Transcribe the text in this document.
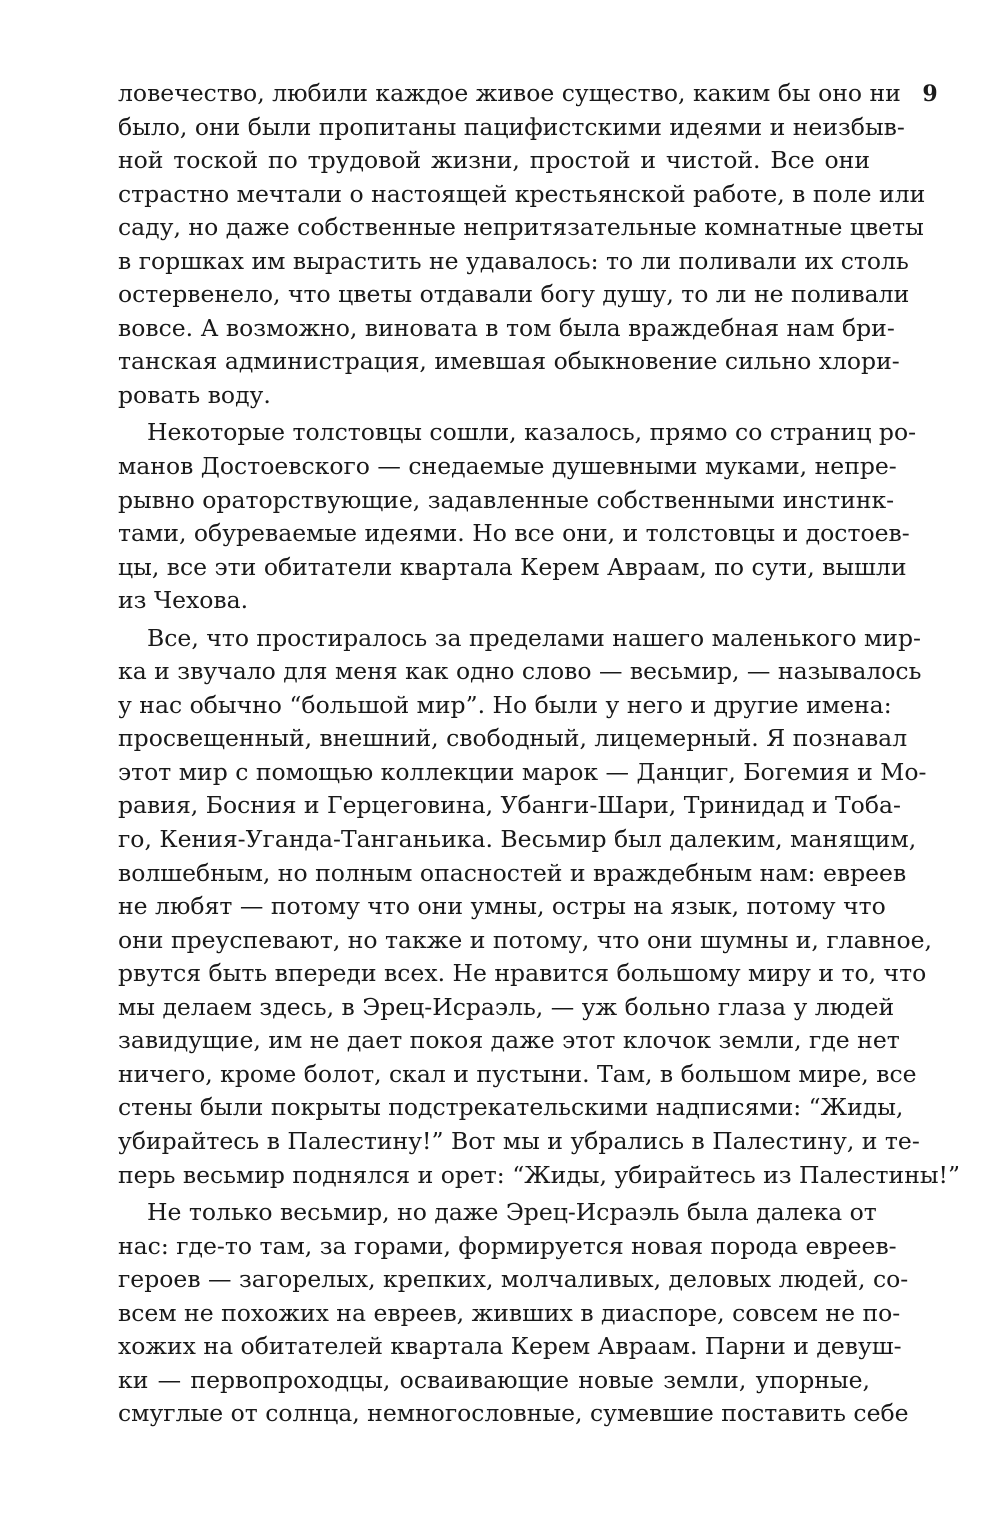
9
ловечество, любили каждое живое существо, каким бы оно ни
было, они были пропитаны пацифистскими идеями и неизбыв-
ной тоской по трудовой жизни, простой и чистой. Все они
страстно мечтали о настоящей крестьянской работе, в поле или
саду, но даже собственные непритязательные комнатные цветы
в горшках им вырастить не удавалось: то ли поливали их столь
остервенело, что цветы отдавали богу душу, то ли не поливали
вовсе. А возможно, виновата в том была враждебная нам бри-
танская администрация, имевшая обыкновение сильно хлори-
ровать воду.
Некоторые толстовцы сошли, казалось, прямо со страниц ро-
манов Достоевского — снедаемые душевными муками, непре-
рывно ораторствующие, задавленные собственными инстинк-
тами, обуреваемые идеями. Но все они, и толстовцы и достоев-
цы, все эти обитатели квартала Керем Авраам, по сути, вышли
из Чехова.
Все, что простиралось за пределами нашего маленького мир-
ка и звучало для меня как одно слово — весьмир, — называлось
у нас обычно “большой мир”. Но были у него и другие имена:
просвещенный, внешний, свободный, лицемерный. Я познавал
этот мир с помощью коллекции марок — Данциг, Богемия и Мо-
равия, Босния и Герцеговина, Убанги-Шари, Тринидад и Тоба-
го, Кения-Уганда-Танганьика. Весьмир был далеким, манящим,
волшебным, но полным опасностей и враждебным нам: евреев
не любят — потому что они умны, остры на язык, потому что
они преуспевают, но также и потому, что они шумны и, главное,
рвутся быть впереди всех. Не нравится большому миру и то, что
мы делаем здесь, в Эрец-Исраэль, — уж больно глаза у людей
завидущие, им не дает покоя даже этот клочок земли, где нет
ничего, кроме болот, скал и пустыни. Там, в большом мире, все
стены были покрыты подстрекательскими надписями: “Жиды,
убирайтесь в Палестину!” Вот мы и убрались в Палестину, и те-
перь весьмир поднялся и орет: “Жиды, убирайтесь из Палестины!”
Не только весьмир, но даже Эрец-Исраэль была далека от
нас: где-то там, за горами, формируется новая порода евреев-
героев — загорелых, крепких, молчаливых, деловых людей, со-
всем не похожих на евреев, живших в диаспоре, совсем не по-
хожих на обитателей квартала Керем Авраам. Парни и девуш-
ки — первопроходцы, осваивающие новые земли, упорные,
смуглые от солнца, немногословные, сумевшие поставить себе
